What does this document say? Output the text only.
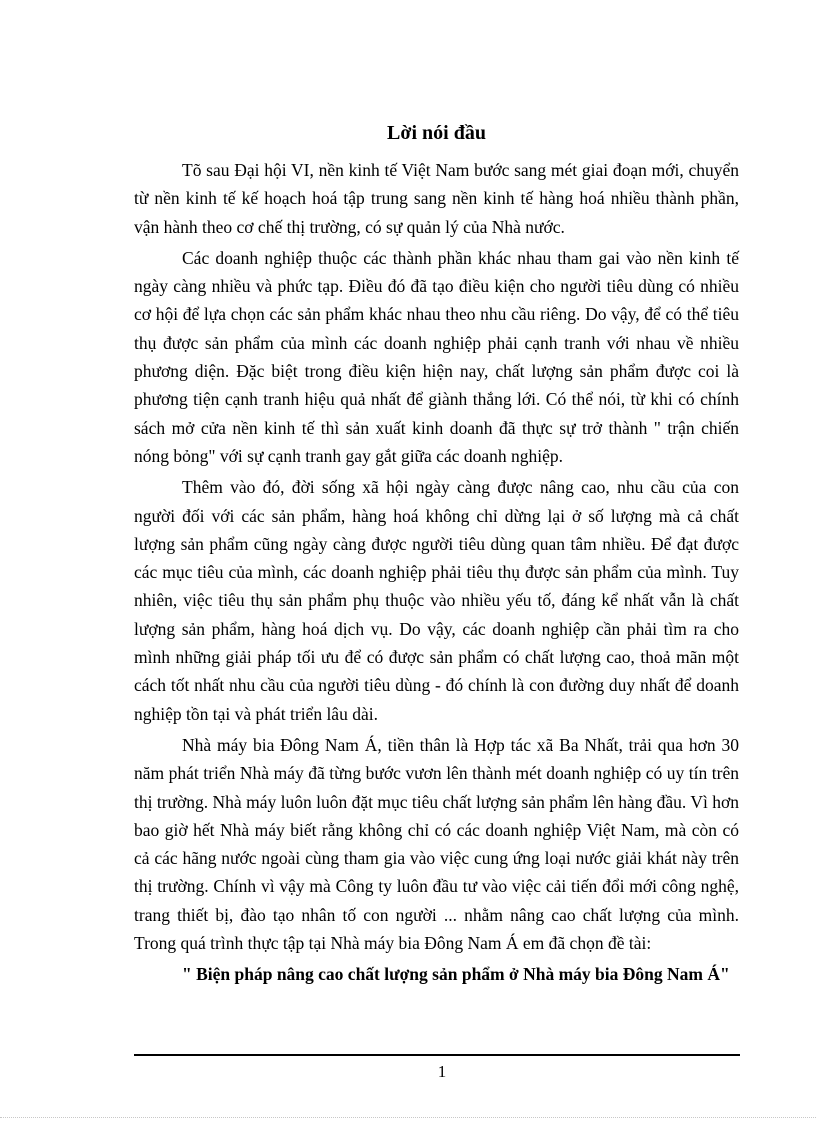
Lời nói đầu

Tõ sau Đại hội VI, nền kinh tế Việt Nam bước sang mét giai đoạn mới, chuyển từ nền kinh tế kế hoạch hoá tập trung sang nền kinh tế hàng hoá nhiều thành phần, vận hành theo cơ chế thị trường, có sự quản lý của Nhà nước.

Các doanh nghiệp thuộc các thành phần khác nhau tham gai vào nền kinh tế ngày càng nhiều và phức tạp. Điều đó đã tạo điều kiện cho người tiêu dùng có nhiều cơ hội để lựa chọn các sản phẩm khác nhau theo nhu cầu riêng. Do vậy, để có thể tiêu thụ được sản phẩm của mình các doanh nghiệp phải cạnh tranh với nhau về nhiều phương diện. Đặc biệt trong điều kiện hiện nay, chất lượng sản phẩm được coi là phương tiện cạnh tranh hiệu quả nhất để giành thắng lới. Có thể nói, từ khi có chính sách mở cửa nền kinh tế thì sản xuất kinh doanh đã thực sự trở thành " trận chiến nóng bỏng" với sự cạnh tranh gay gắt giữa các doanh nghiệp.

Thêm vào đó, đời sống xã hội ngày càng được nâng cao, nhu cầu của con người đối với các sản phẩm, hàng hoá không chỉ dừng lại ở số lượng mà cả chất lượng sản phẩm cũng ngày càng được người tiêu dùng quan tâm nhiều. Để đạt được các mục tiêu của mình, các doanh nghiệp phải tiêu thụ được sản phẩm của mình. Tuy nhiên, việc tiêu thụ sản phẩm phụ thuộc vào nhiều yếu tố, đáng kể nhất vẫn là chất lượng sản phẩm, hàng hoá dịch vụ. Do vậy, các doanh nghiệp cần phải tìm ra cho mình những giải pháp tối ưu để có được sản phẩm có chất lượng cao, thoả mãn một cách tốt nhất nhu cầu của người tiêu dùng - đó chính là con đường duy nhất để doanh nghiệp tồn tại và phát triển lâu dài.

Nhà máy bia Đông Nam Á, tiền thân là Hợp tác xã Ba Nhất, trải qua hơn 30 năm phát triển Nhà máy đã từng bước vươn lên thành mét doanh nghiệp có uy tín trên thị trường. Nhà máy luôn luôn đặt mục tiêu chất lượng sản phẩm lên hàng đầu. Vì hơn bao giờ hết Nhà máy biết rằng không chỉ có các doanh nghiệp Việt Nam, mà còn có cả các hãng nước ngoài cùng tham gia vào việc cung ứng loại nước giải khát này trên thị trường. Chính vì vậy mà Công ty luôn đầu tư vào việc cải tiến đổi mới công nghệ, trang thiết bị, đào tạo nhân tố con người ... nhằm nâng cao chất lượng của mình. Trong quá trình thực tập tại Nhà máy bia Đông Nam Á em đã chọn đề tài:

" Biện pháp nâng cao chất lượng sản phẩm ở Nhà máy bia Đông Nam Á"

1
